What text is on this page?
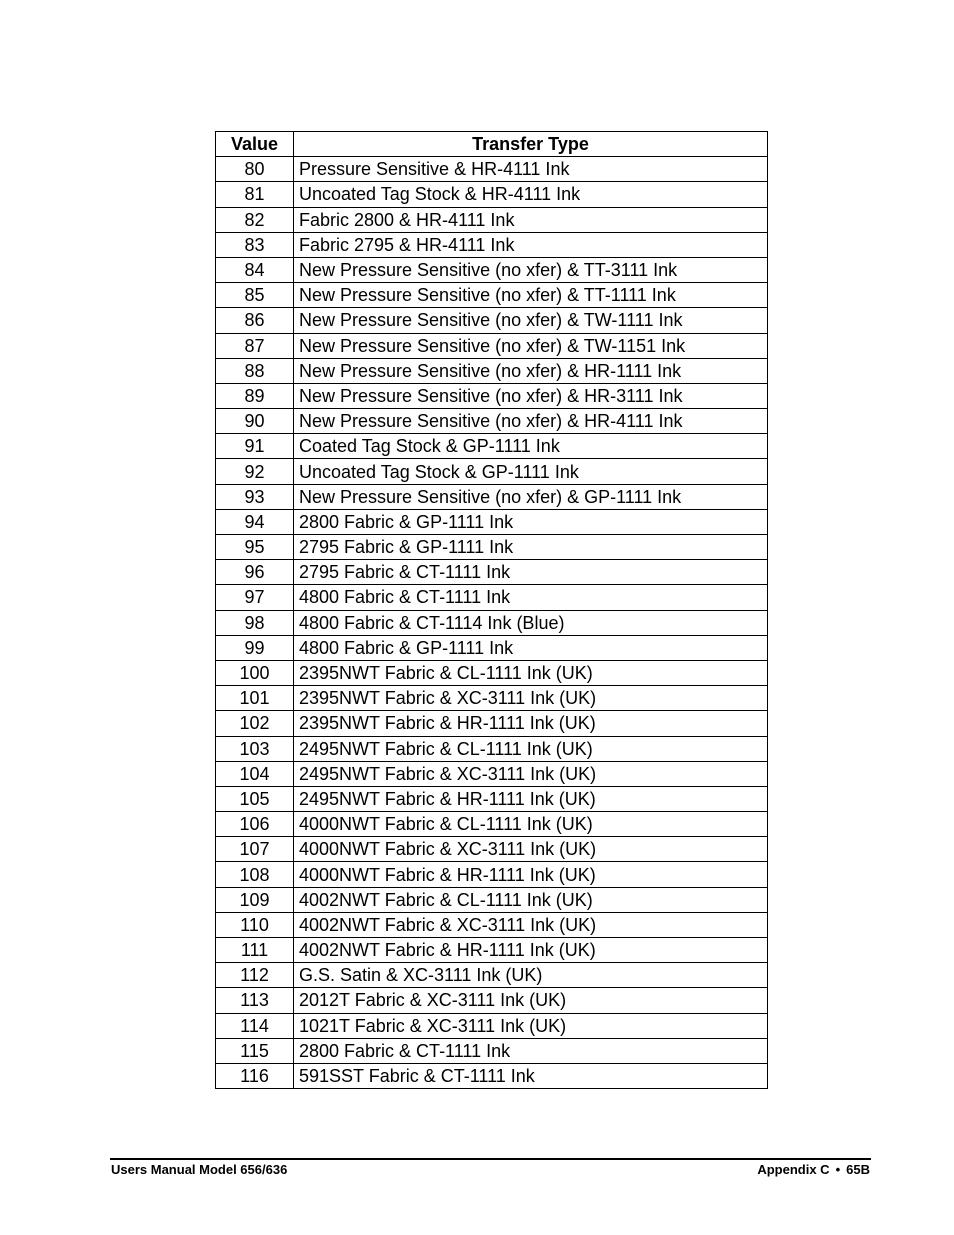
Value	Transfer Type
80	Pressure Sensitive & HR-4111 Ink
81	Uncoated Tag Stock & HR-4111 Ink
82	Fabric 2800 & HR-4111 Ink
83	Fabric 2795 & HR-4111 Ink
84	New Pressure Sensitive (no xfer) & TT-3111 Ink
85	New Pressure Sensitive (no xfer) & TT-1111 Ink
86	New Pressure Sensitive (no xfer) & TW-1111 Ink
87	New Pressure Sensitive (no xfer) & TW-1151 Ink
88	New Pressure Sensitive (no xfer) & HR-1111 Ink
89	New Pressure Sensitive (no xfer) & HR-3111 Ink
90	New Pressure Sensitive (no xfer) & HR-4111 Ink
91	Coated Tag Stock & GP-1111 Ink
92	Uncoated Tag Stock & GP-1111 Ink
93	New Pressure Sensitive (no xfer) & GP-1111 Ink
94	2800 Fabric & GP-1111 Ink
95	2795 Fabric & GP-1111 Ink
96	2795 Fabric & CT-1111 Ink
97	4800 Fabric & CT-1111 Ink
98	4800 Fabric & CT-1114 Ink (Blue)
99	4800 Fabric & GP-1111 Ink
100	2395NWT Fabric & CL-1111 Ink (UK)
101	2395NWT Fabric & XC-3111 Ink (UK)
102	2395NWT Fabric & HR-1111 Ink (UK)
103	2495NWT Fabric & CL-1111 Ink (UK)
104	2495NWT Fabric & XC-3111 Ink (UK)
105	2495NWT Fabric & HR-1111 Ink (UK)
106	4000NWT Fabric & CL-1111 Ink (UK)
107	4000NWT Fabric & XC-3111 Ink (UK)
108	4000NWT Fabric & HR-1111 Ink (UK)
109	4002NWT Fabric & CL-1111 Ink (UK)
110	4002NWT Fabric & XC-3111 Ink (UK)
111	4002NWT Fabric & HR-1111 Ink (UK)
112	G.S. Satin & XC-3111 Ink (UK)
113	2012T Fabric & XC-3111 Ink (UK)
114	1021T Fabric & XC-3111 Ink (UK)
115	2800 Fabric & CT-1111 Ink
116	591SST Fabric & CT-1111 Ink
Users Manual Model 656/636	Appendix C • 65B
